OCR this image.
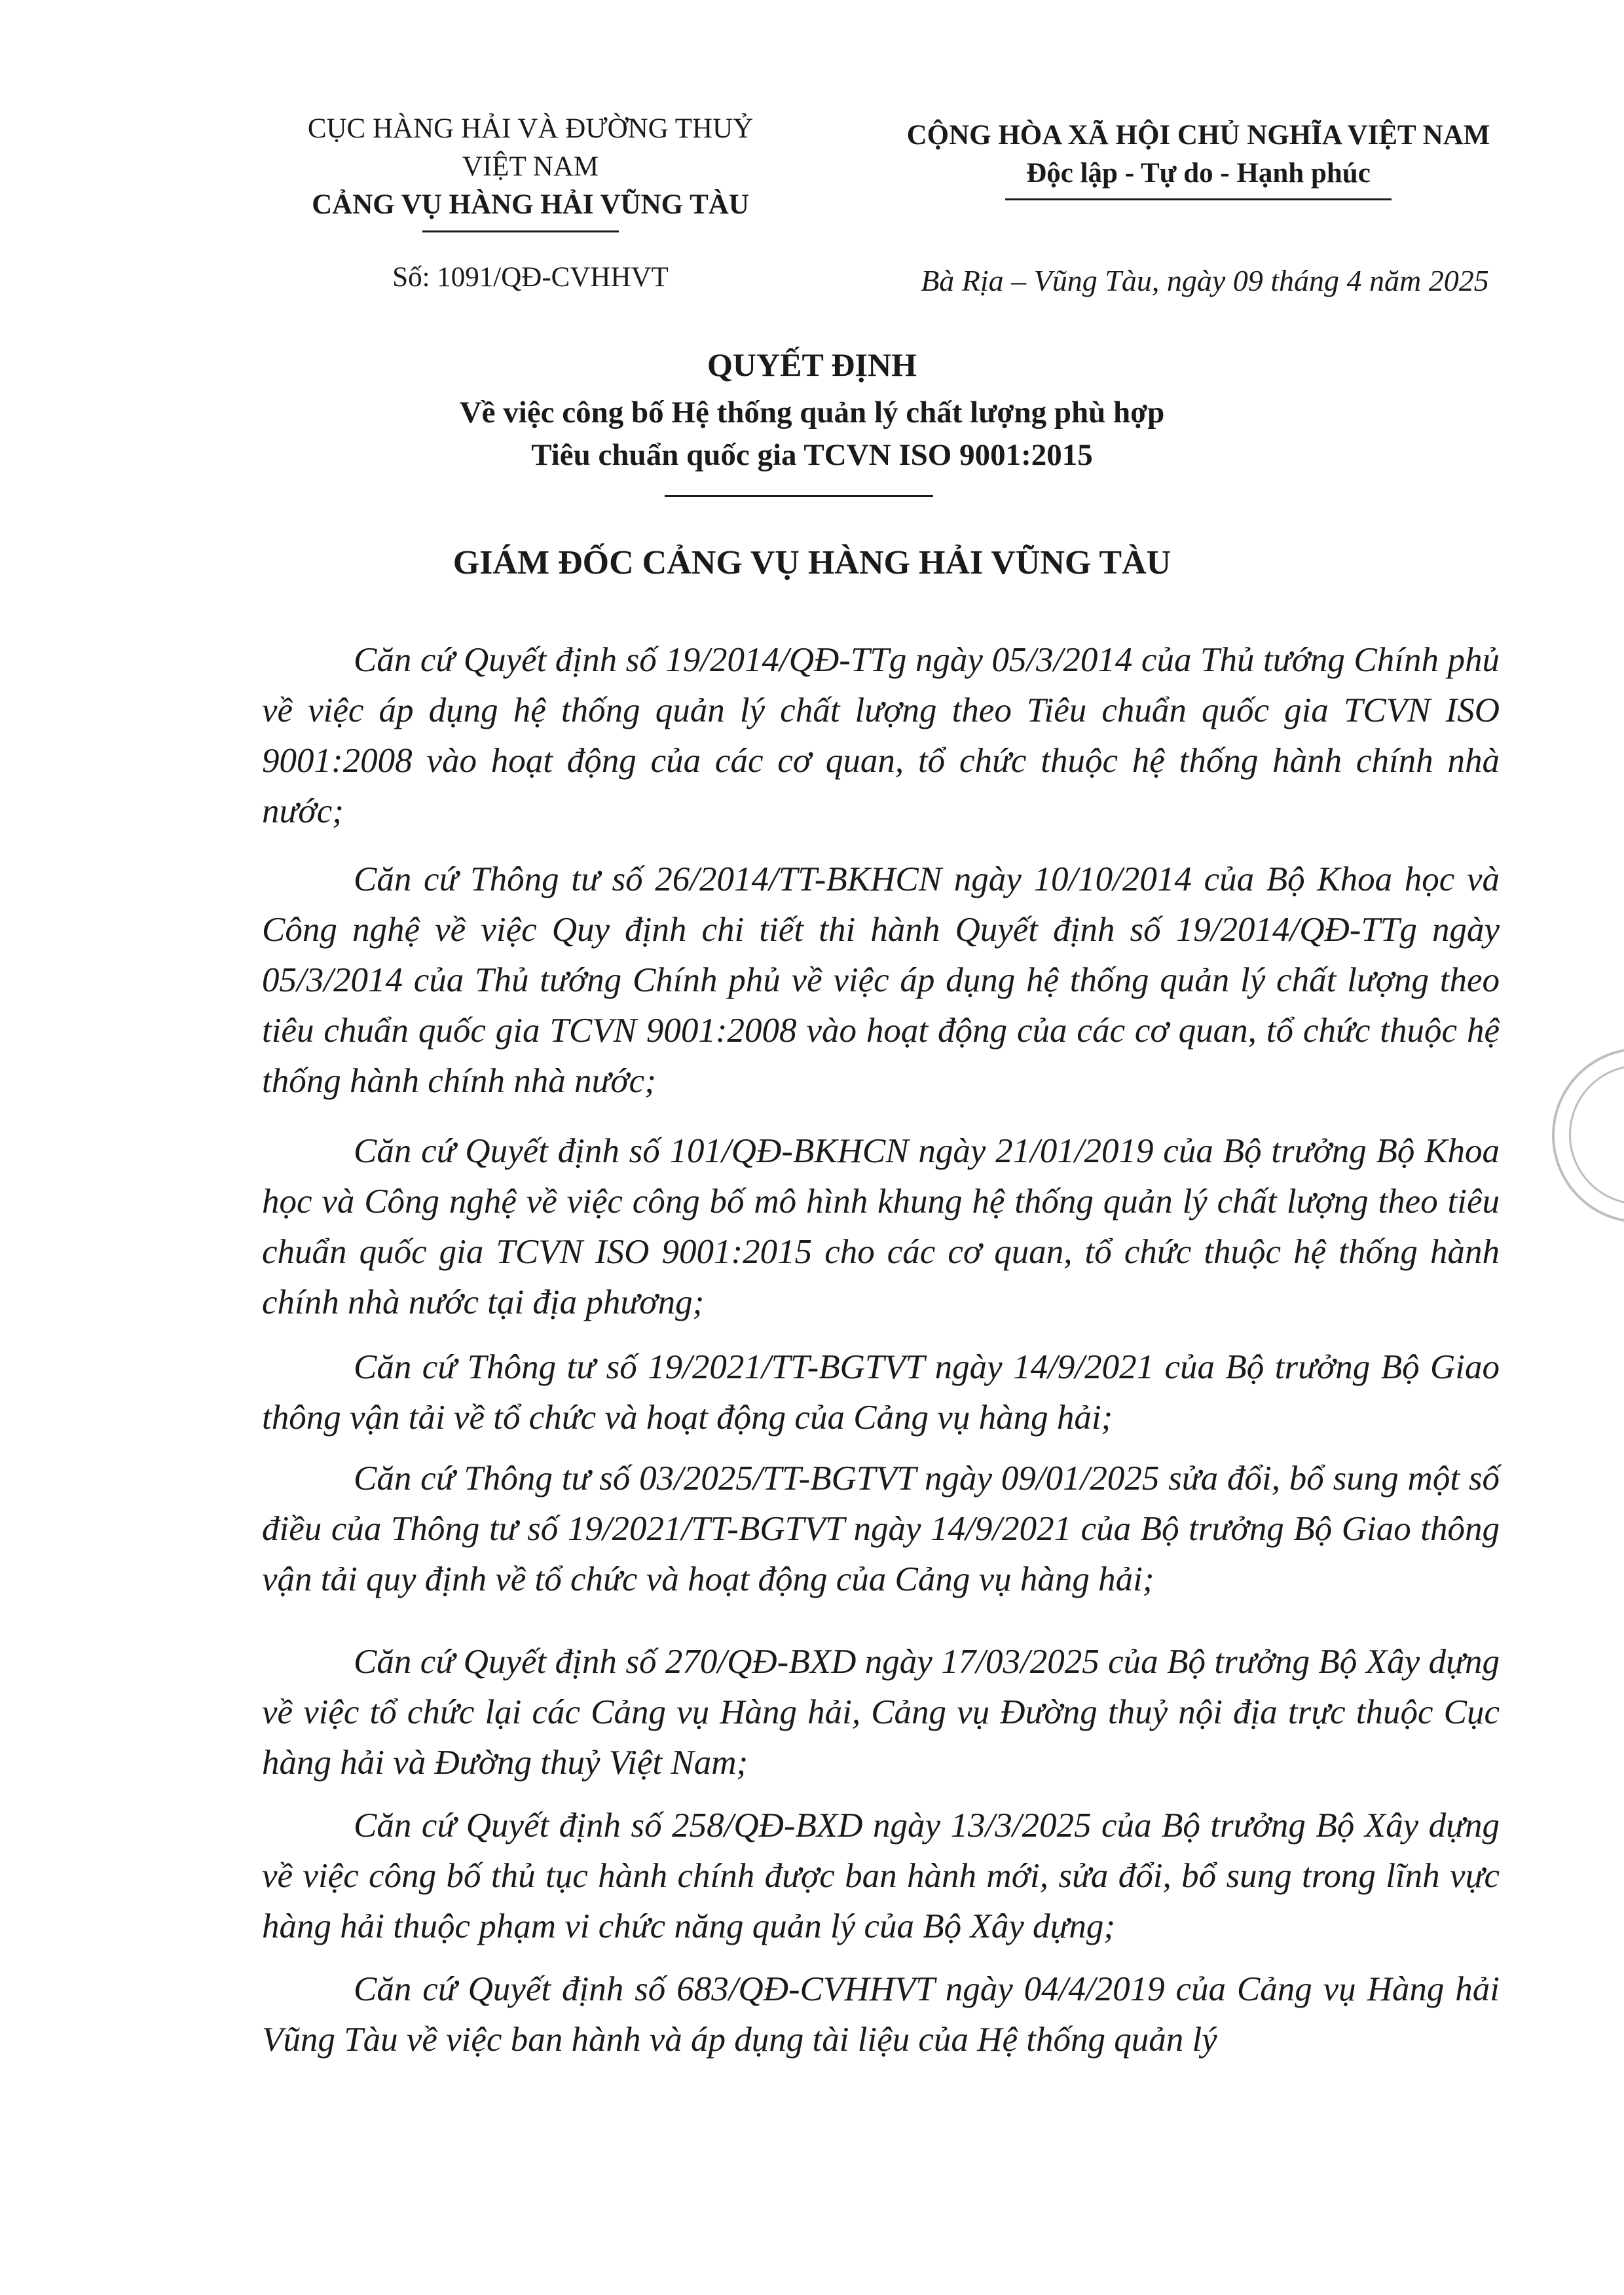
CỤC HÀNG HẢI VÀ ĐƯỜNG THUỶ
VIỆT NAM
CẢNG VỤ HÀNG HẢI VŨNG TÀU
Số: 1091/QĐ-CVHHVT
CỘNG HÒA XÃ HỘI CHỦ NGHĨA VIỆT NAM
Độc lập - Tự do - Hạnh phúc
Bà Rịa – Vũng Tàu, ngày 09 tháng 4 năm 2025
QUYẾT ĐỊNH
Về việc công bố Hệ thống quản lý chất lượng phù hợp
Tiêu chuẩn quốc gia TCVN ISO 9001:2015
GIÁM ĐỐC CẢNG VỤ HÀNG HẢI VŨNG TÀU
Căn cứ Quyết định số 19/2014/QĐ-TTg ngày 05/3/2014 của Thủ tướng Chính phủ về việc áp dụng hệ thống quản lý chất lượng theo Tiêu chuẩn quốc gia TCVN ISO 9001:2008 vào hoạt động của các cơ quan, tổ chức thuộc hệ thống hành chính nhà nước;
Căn cứ Thông tư số 26/2014/TT-BKHCN ngày 10/10/2014 của Bộ Khoa học và Công nghệ về việc Quy định chi tiết thi hành Quyết định số 19/2014/QĐ-TTg ngày 05/3/2014 của Thủ tướng Chính phủ về việc áp dụng hệ thống quản lý chất lượng theo tiêu chuẩn quốc gia TCVN 9001:2008 vào hoạt động của các cơ quan, tổ chức thuộc hệ thống hành chính nhà nước;
Căn cứ Quyết định số 101/QĐ-BKHCN ngày 21/01/2019 của Bộ trưởng Bộ Khoa học và Công nghệ về việc công bố mô hình khung hệ thống quản lý chất lượng theo tiêu chuẩn quốc gia TCVN ISO 9001:2015 cho các cơ quan, tổ chức thuộc hệ thống hành chính nhà nước tại địa phương;
Căn cứ Thông tư số 19/2021/TT-BGTVT ngày 14/9/2021 của Bộ trưởng Bộ Giao thông vận tải về tổ chức và hoạt động của Cảng vụ hàng hải;
Căn cứ Thông tư số 03/2025/TT-BGTVT ngày 09/01/2025 sửa đổi, bổ sung một số điều của Thông tư số 19/2021/TT-BGTVT ngày 14/9/2021 của Bộ trưởng Bộ Giao thông vận tải quy định về tổ chức và hoạt động của Cảng vụ hàng hải;
Căn cứ Quyết định số 270/QĐ-BXD ngày 17/03/2025 của Bộ trưởng Bộ Xây dựng về việc tổ chức lại các Cảng vụ Hàng hải, Cảng vụ Đường thuỷ nội địa trực thuộc Cục hàng hải và Đường thuỷ Việt Nam;
Căn cứ Quyết định số 258/QĐ-BXD ngày 13/3/2025 của Bộ trưởng Bộ Xây dựng về việc công bố thủ tục hành chính được ban hành mới, sửa đổi, bổ sung trong lĩnh vực hàng hải thuộc phạm vi chức năng quản lý của Bộ Xây dựng;
Căn cứ Quyết định số 683/QĐ-CVHHVT ngày 04/4/2019 của Cảng vụ Hàng hải Vũng Tàu về việc ban hành và áp dụng tài liệu của Hệ thống quản lý
